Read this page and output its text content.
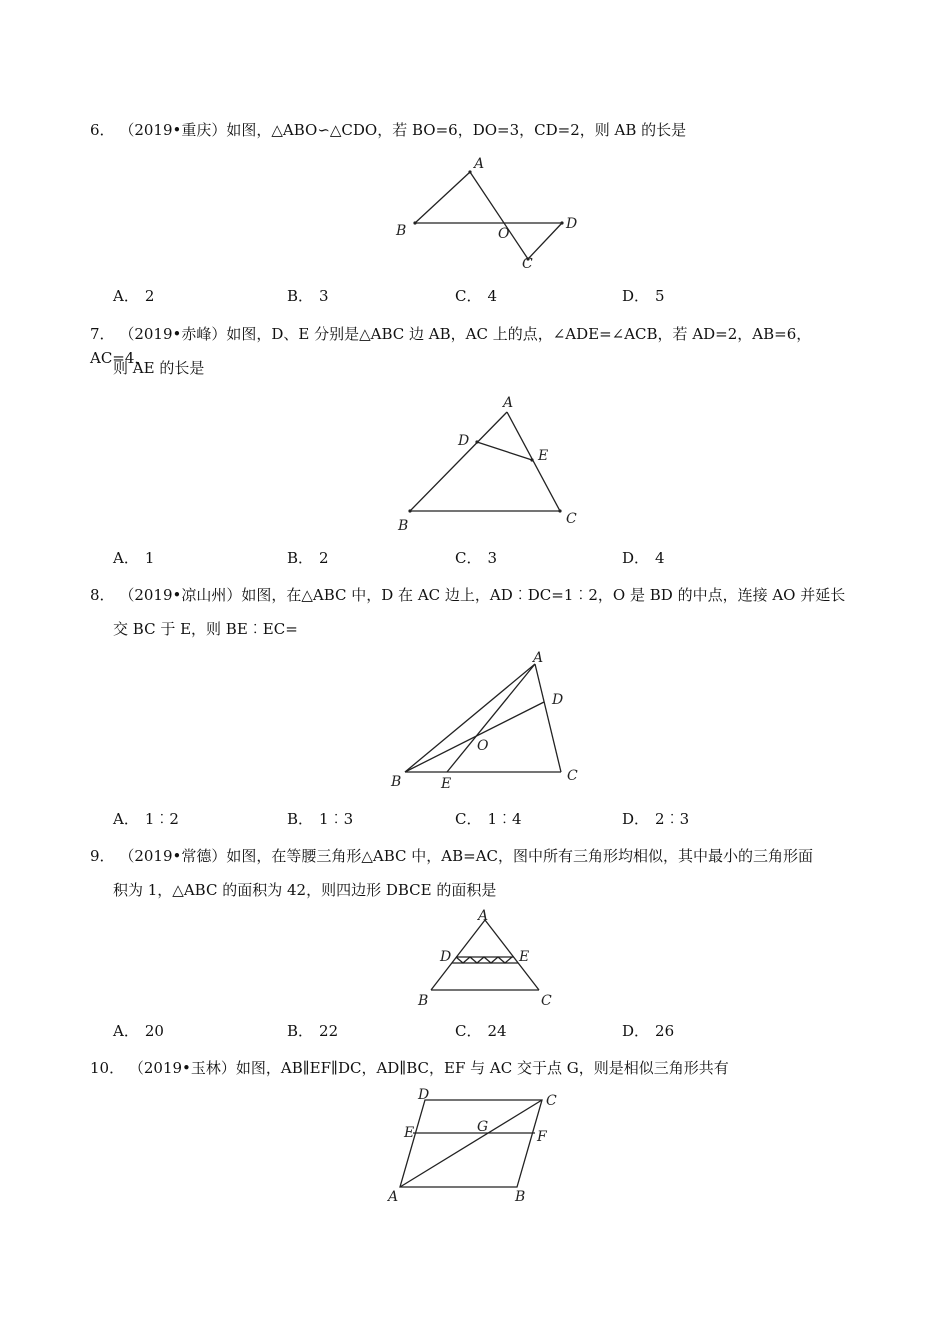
6． （2019•重庆）如图，△ABO∽△CDO，若 BO=6，DO=3，CD=2，则 AB 的长是
A
B	O
D
C
A． 2	B． 3	C． 4	D． 5
7． （2019•赤峰）如图，D、E 分别是△ABC 边 AB，AC 上的点，∠ADE=∠ACB，若 AD=2，AB=6，AC=4，
则 AE 的长是
A
D
E
B	C
A． 1	B． 2	C． 3	D． 4
8． （2019•凉山州）如图，在△ABC 中，D 在 AC 边上，AD︰DC=1︰2，O 是 BD 的中点，连接 AO 并延长
交 BC 于 E，则 BE︰EC=
A
D
O
B	E	C
A． 1︰2	B． 1︰3	C． 1︰4	D． 2︰3
9． （2019•常德）如图，在等腰三角形△ABC 中，AB=AC，图中所有三角形均相似，其中最小的三角形面
积为 1，△ABC 的面积为 42，则四边形 DBCE 的面积是
A
D	E
B	C
A． 20	B． 22	C． 24	D． 26
10． （2019•玉林）如图，AB∥EF∥DC，AD∥BC，EF 与 AC 交于点 G，则是相似三角形共有
D	C
E	G
F
A	B
